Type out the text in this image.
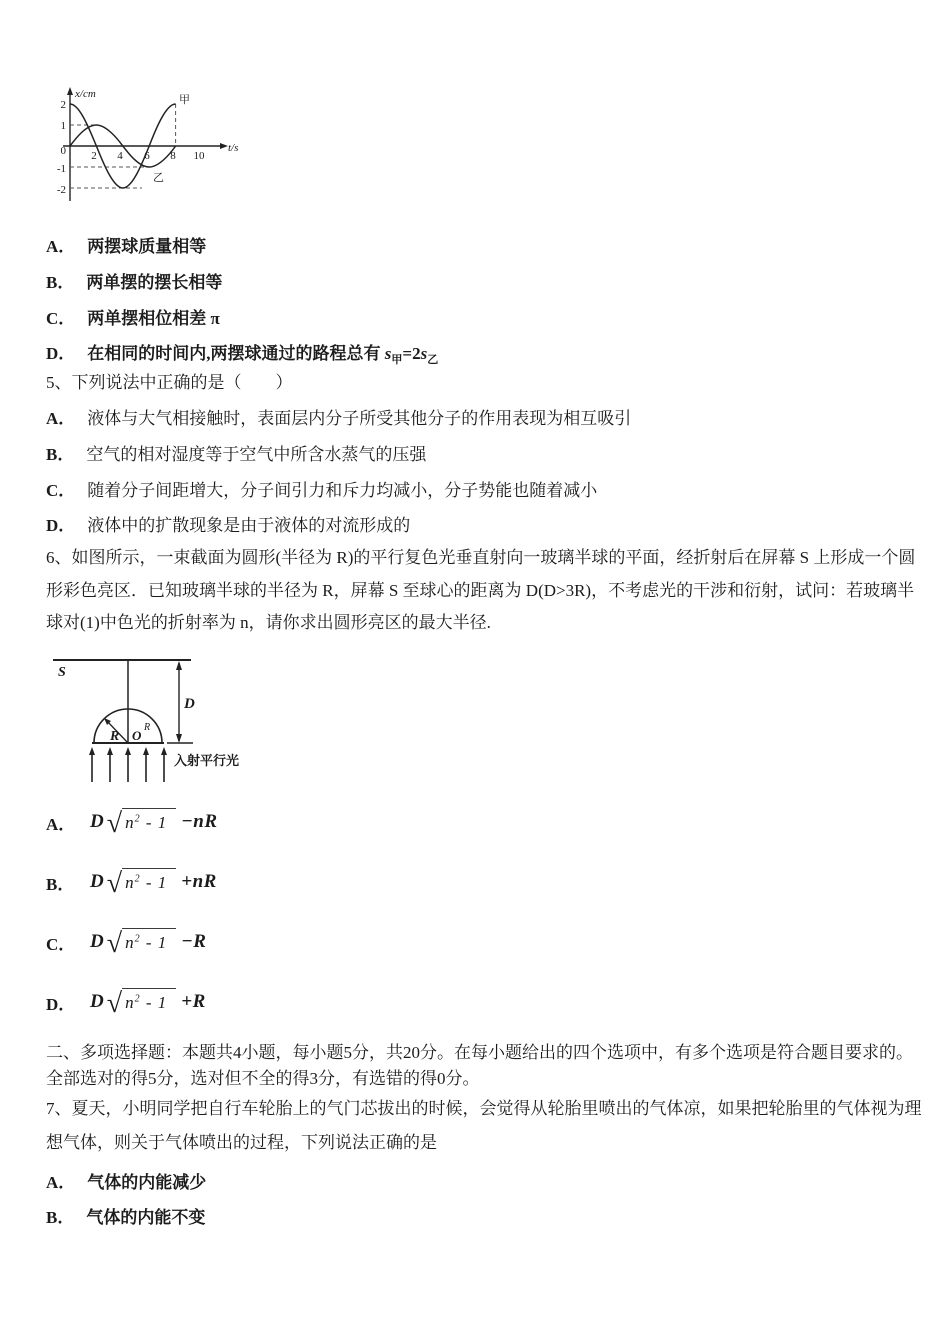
x/cm
t/s
甲
乙
2
1
0
-1
-2
2 4 6 8 10
A． 两摆球质量相等
B． 两单摆的摆长相等
C． 两单摆相位相差 π
D． 在相同的时间内,两摆球通过的路程总有 $s_甲=2s_乙$
5、下列说法中正确的是（　　）
A． 液体与大气相接触时，表面层内分子所受其他分子的作用表现为相互吸引
B． 空气的相对湿度等于空气中所含水蒸气的压强
C． 随着分子间距增大，分子间引力和斥力均减小，分子势能也随着减小
D． 液体中的扩散现象是由于液体的对流形成的
6、如图所示，一束截面为圆形(半径为 R)的平行复色光垂直射向一玻璃半球的平面，经折射后在屏幕 S 上形成一个圆
形彩色亮区．已知玻璃半球的半径为 R，屏幕 S 至球心的距离为 D(D>3R)，不考虑光的干涉和衍射，试问：若玻璃半
球对(1)中色光的折射率为 n，请你求出圆形亮区的最大半径.
S
D
R O
R
入射平行光
A． D √ $n^2 - 1 -nR$
B． D √ $n^2 - 1 +nR$
C． D √ $n^2 - 1 -R$
D． D √ $n^2 - 1 +R$
二、多项选择题：本题共4小题，每小题5分，共20分。在每小题给出的四个选项中，有多个选项是符合题目要求的。
全部选对的得5分，选对但不全的得3分，有选错的得0分。
7、夏天，小明同学把自行车轮胎上的气门芯拔出的时候，会觉得从轮胎里喷出的气体凉，如果把轮胎里的气体视为理
想气体，则关于气体喷出的过程，下列说法正确的是
A． 气体的内能减少
B． 气体的内能不变
